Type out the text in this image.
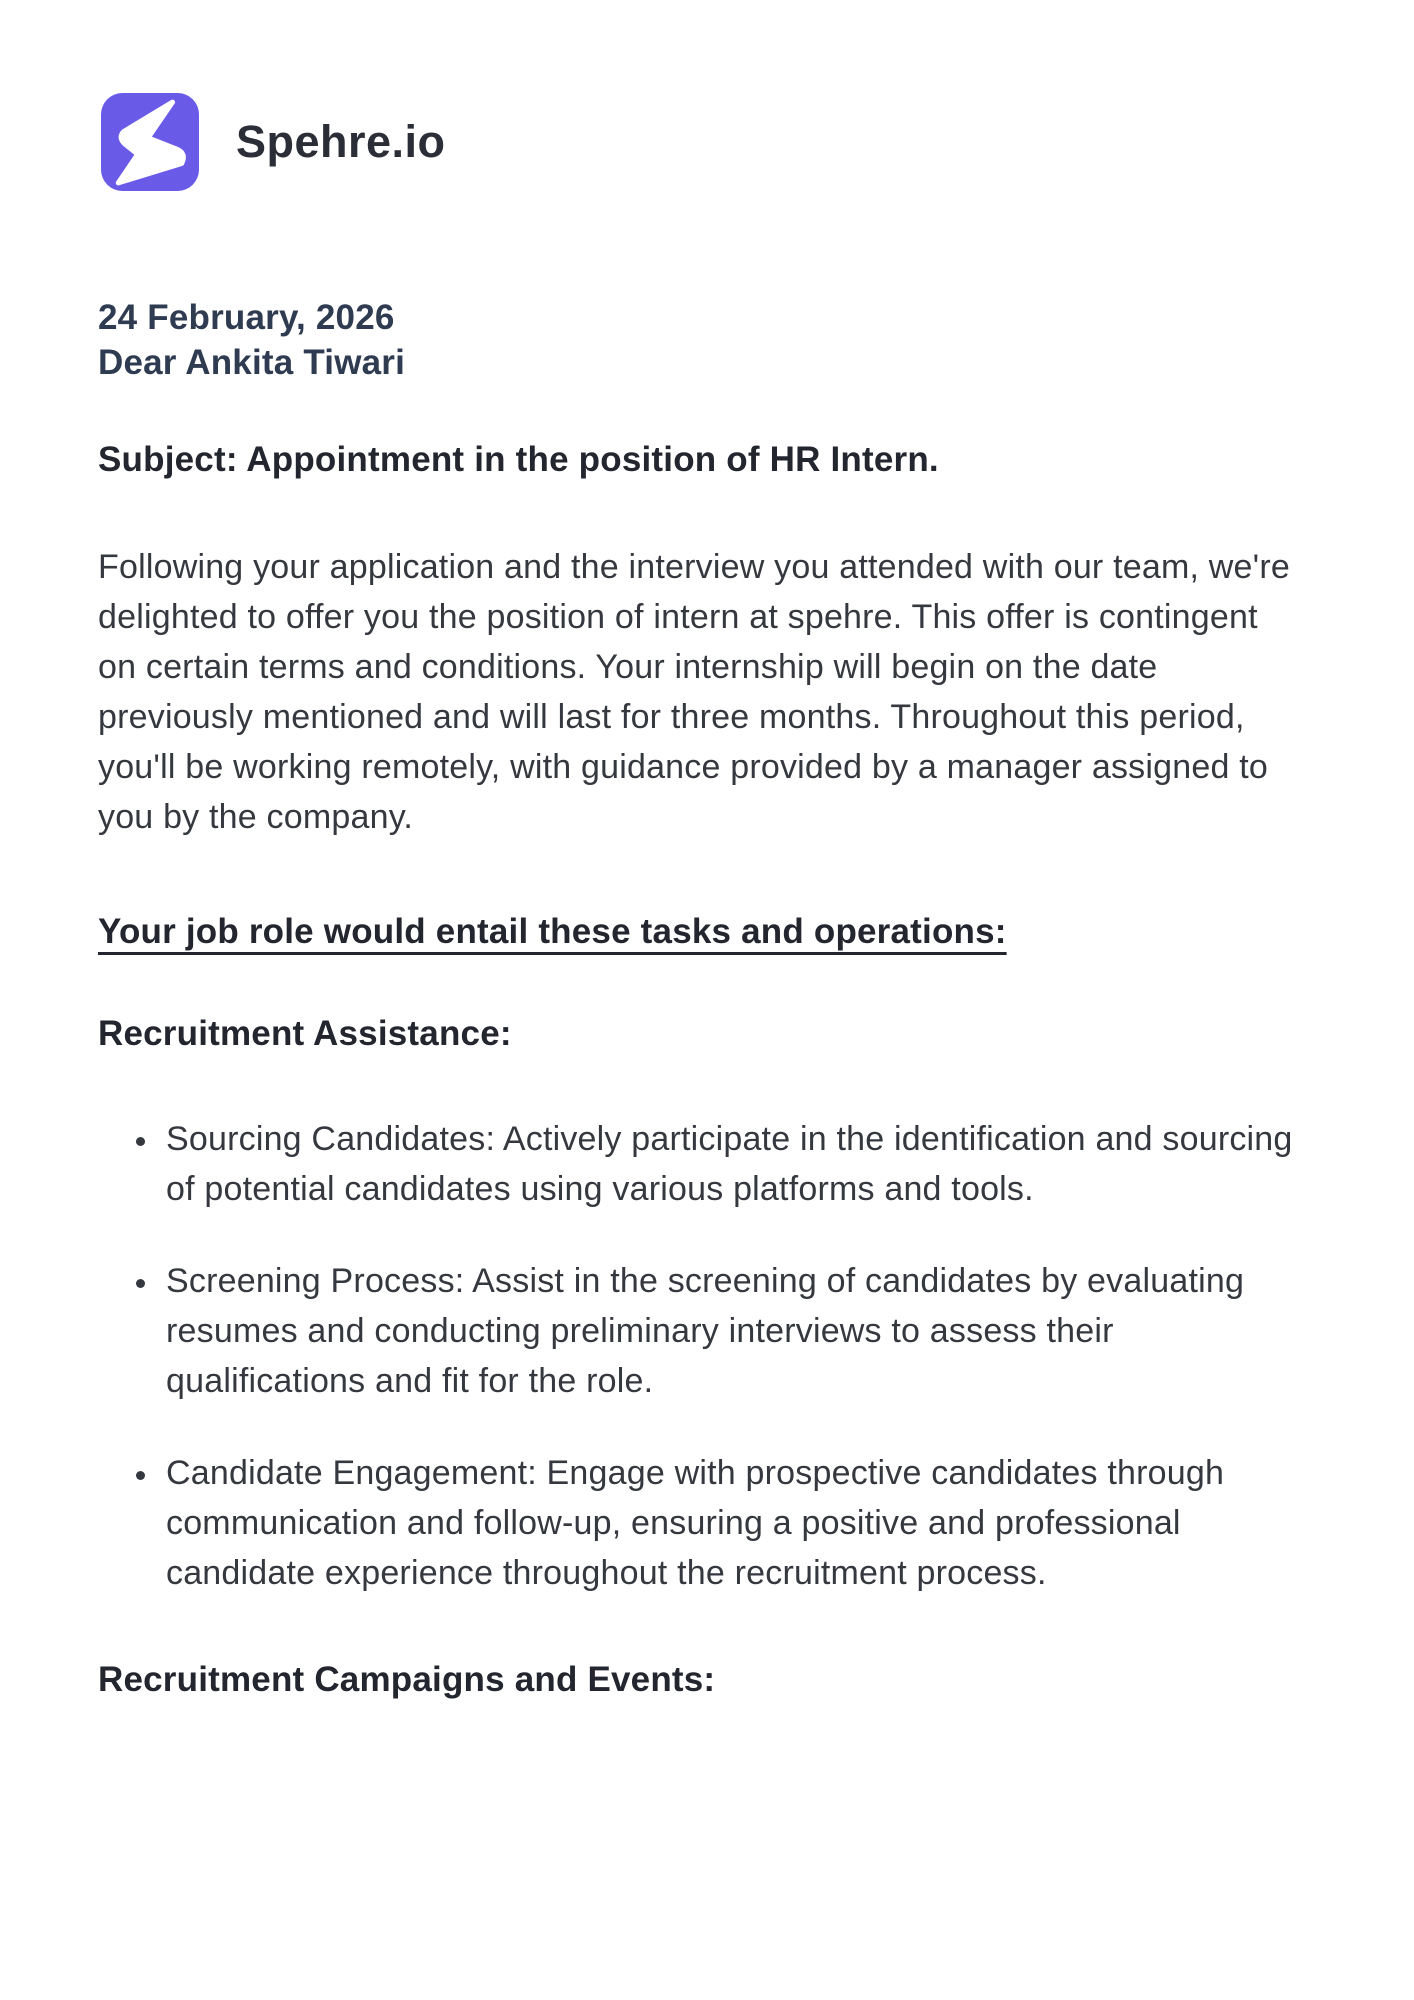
Spehre.io

24 February, 2026

Dear Ankita Tiwari

Subject: Appointment in the position of HR Intern.

Following your application and the interview you attended with our team, we're delighted to offer you the position of intern at spehre. This offer is contingent on certain terms and conditions. Your internship will begin on the date previously mentioned and will last for three months. Throughout this period, you'll be working remotely, with guidance provided by a manager assigned to you by the company.

Your job role would entail these tasks and operations:
Recruitment Assistance:
• Sourcing Candidates: Actively participate in the identification and sourcing of potential candidates using various platforms and tools.
• Screening Process: Assist in the screening of candidates by evaluating resumes and conducting preliminary interviews to assess their qualifications and fit for the role.
• Candidate Engagement: Engage with prospective candidates through communication and follow-up, ensuring a positive and professional candidate experience throughout the recruitment process.
Recruitment Campaigns and Events:
